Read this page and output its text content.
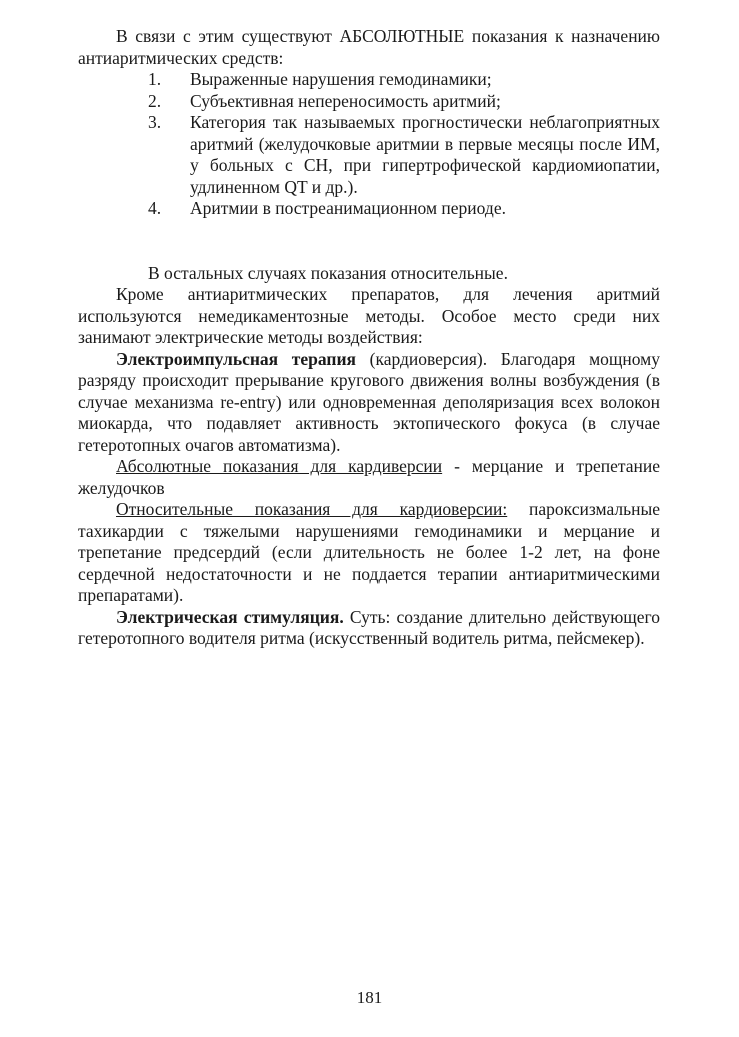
В связи с этим существуют АБСОЛЮТНЫЕ показания к назначению антиаритмических средств:

1. Выраженные нарушения гемодинамики;
2. Субъективная непереносимость аритмий;
3. Категория так называемых прогностически неблагоприятных аритмий (желудочковые аритмии в первые месяцы после ИМ, у больных с СН, при гипертрофической кардиомиопатии, удлиненном QT и др.).
4. Аритмии в постреанимационном периоде.

В остальных случаях показания относительные.

Кроме антиаритмических препаратов, для лечения аритмий используются немедикаментозные методы. Особое место среди них занимают электрические методы воздействия:

Электроимпульсная терапия (кардиоверсия). Благодаря мощному разряду происходит прерывание кругового движения волны возбуждения (в случае механизма re-entry) или одновременная деполяризация всех волокон миокарда, что подавляет активность эктопического фокуса (в случае гетеротопных очагов автоматизма).

Абсолютные показания для кардиверсии - мерцание и трепетание желудочков

Относительные показания для кардиоверсии: пароксизмальные тахикардии с тяжелыми нарушениями гемодинамики и мерцание и трепетание предсердий (если длительность не более 1-2 лет, на фоне сердечной недостаточности и не поддается терапии антиаритмическими препаратами).

Электрическая стимуляция. Суть: создание длительно действующего гетеротопного водителя ритма (искусственный водитель ритма, пейсмекер).

181
